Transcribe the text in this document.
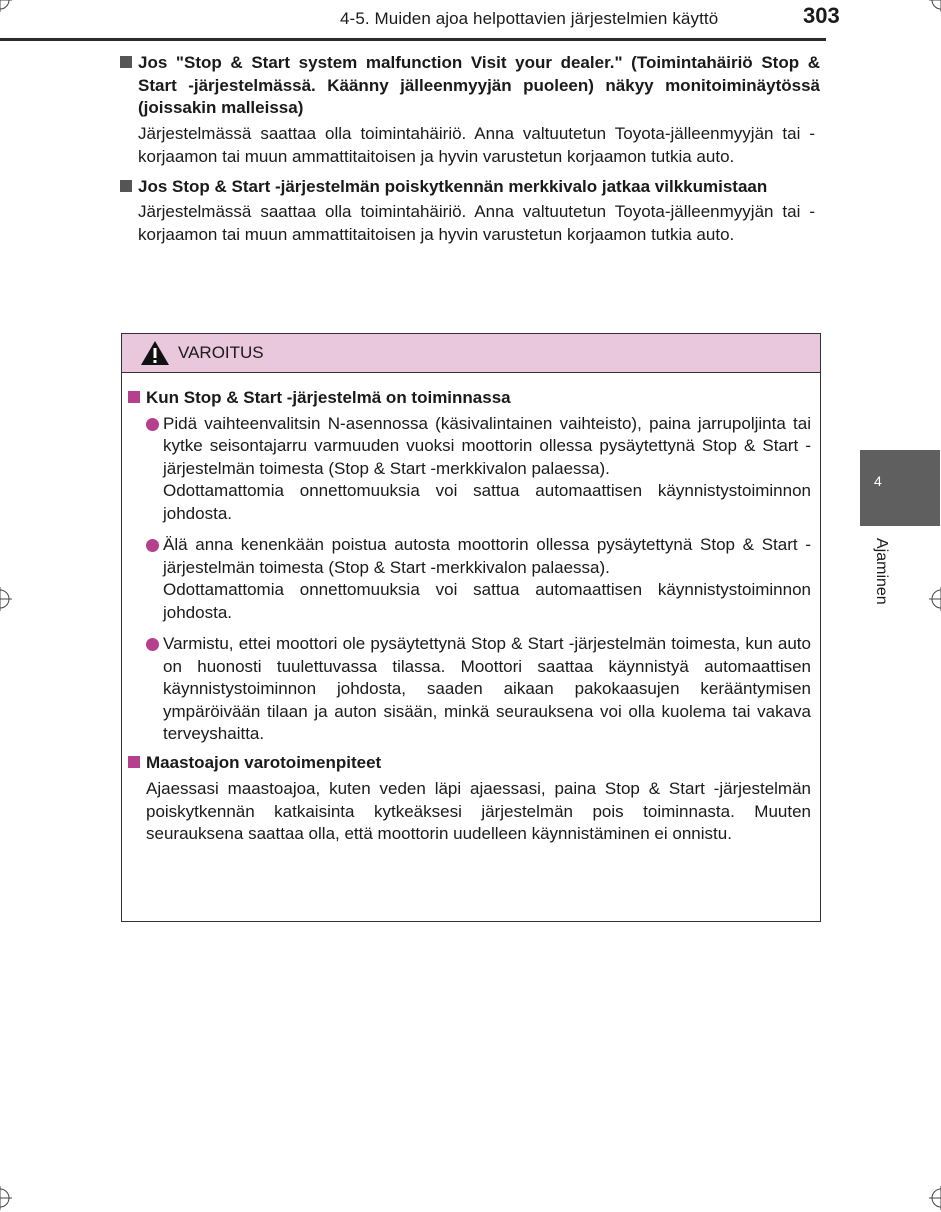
4-5. Muiden ajoa helpottavien järjestelmien käyttö	303

Jos "Stop & Start system malfunction Visit your dealer." (Toimintahäiriö Stop & Start -järjestelmässä. Käänny jälleenmyyjän puoleen) näkyy monitoiminäytössä (joissakin malleissa)

Järjestelmässä saattaa olla toimintahäiriö. Anna valtuutetun Toyota-jälleenmyyjän tai -korjaamon tai muun ammattitaitoisen ja hyvin varustetun korjaamon tutkia auto.

Jos Stop & Start -järjestelmän poiskytkennän merkkivalo jatkaa vilkkumistaan

Järjestelmässä saattaa olla toimintahäiriö. Anna valtuutetun Toyota-jälleenmyyjän tai -korjaamon tai muun ammattitaitoisen ja hyvin varustetun korjaamon tutkia auto.

VAROITUS

Kun Stop & Start -järjestelmä on toiminnassa

Pidä vaihteenvalitsin N-asennossa (käsivalintainen vaihteisto), paina jarrupoljinta tai kytke seisontajarru varmuuden vuoksi moottorin ollessa pysäytettynä Stop & Start -järjestelmän toimesta (Stop & Start -merkkivalon palaessa).

Odottamattomia onnettomuuksia voi sattua automaattisen käynnistystoiminnon johdosta.

Älä anna kenenkään poistua autosta moottorin ollessa pysäytettynä Stop & Start -järjestelmän toimesta (Stop & Start -merkkivalon palaessa).

Odottamattomia onnettomuuksia voi sattua automaattisen käynnistystoiminnon johdosta.

Varmistu, ettei moottori ole pysäytettynä Stop & Start -järjestelmän toimesta, kun auto on huonosti tuulettuvassa tilassa. Moottori saattaa käynnistyä automaattisen käynnistystoiminnon johdosta, saaden aikaan pakokaasujen kerääntymisen ympäröivään tilaan ja auton sisään, minkä seurauksena voi olla kuolema tai vakava terveyshaitta.

Maastoajon varotoimenpiteet

Ajaessasi maastoajoa, kuten veden läpi ajaessasi, paina Stop & Start -järjestelmän poiskytkennän katkaisinta kytkeäksesi järjestelmän pois toiminnasta. Muuten seurauksena saattaa olla, että moottorin uudelleen käynnistäminen ei onnistu.

4
Ajaminen
